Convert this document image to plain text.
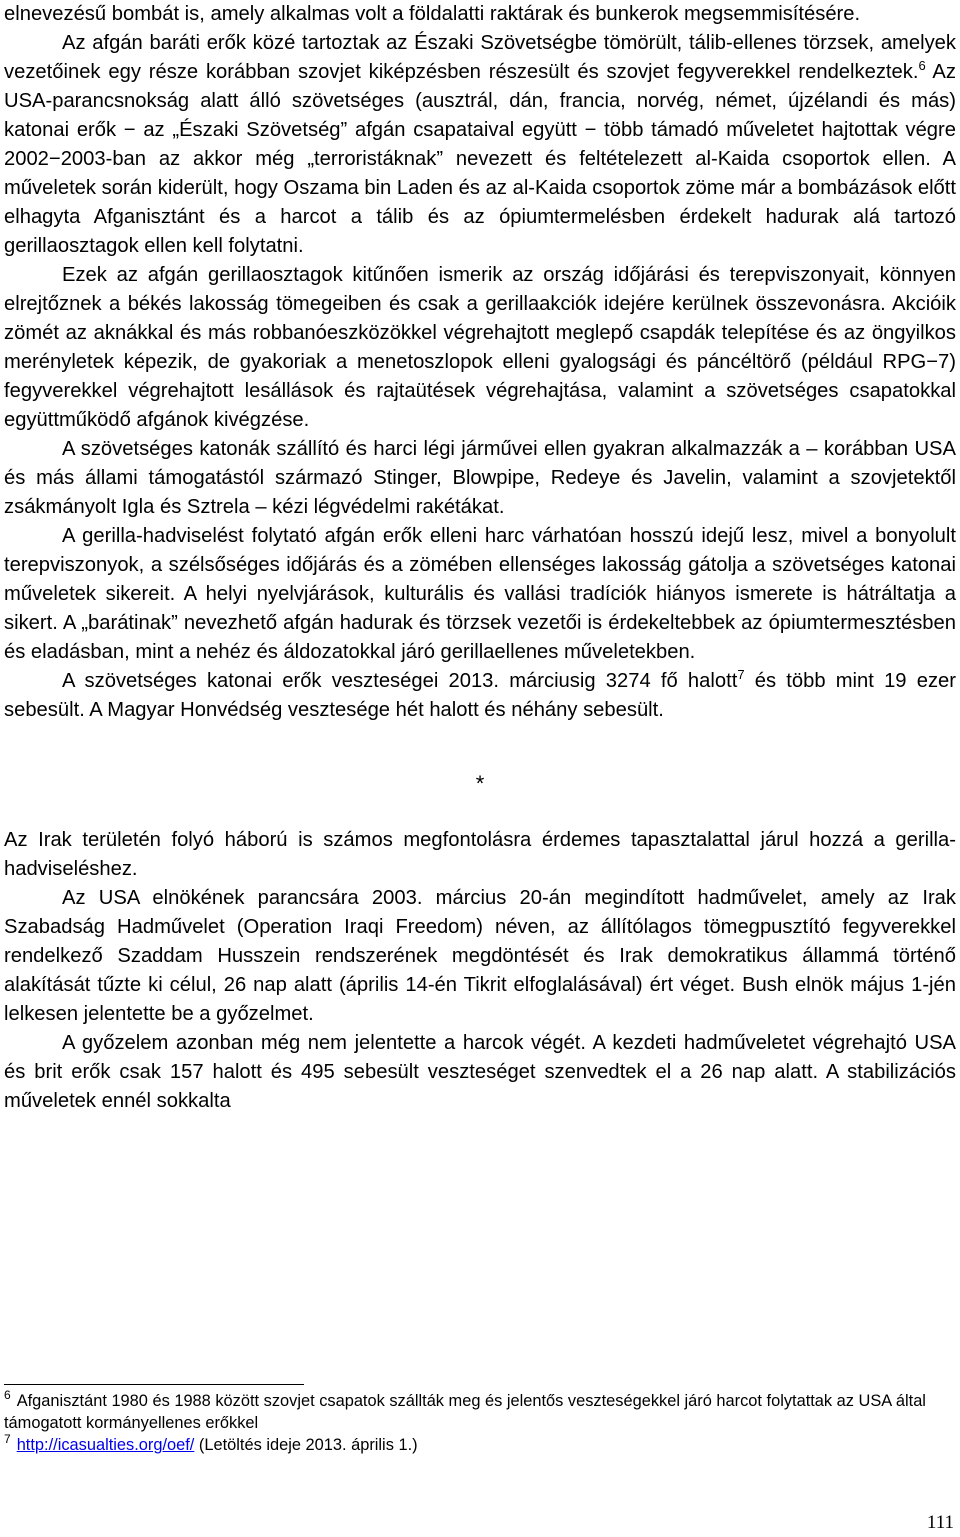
elnevezésű bombát is, amely alkalmas volt a földalatti raktárak és bunkerok megsemmisítésére.

Az afgán baráti erők közé tartoztak az Északi Szövetségbe tömörült, tálib-ellenes törzsek, amelyek vezetőinek egy része korábban szovjet kiképzésben részesült és szovjet fegyverekkel rendelkeztek.$^6$ Az USA-parancsnokság alatt álló szövetséges (ausztrál, dán, francia, norvég, német, újzélandi és más) katonai erők − az „Északi Szövetség” afgán csapataival együtt − több támadó műveletet hajtottak végre 2002−2003-ban az akkor még „terroristáknak” nevezett és feltételezett al-Kaida csoportok ellen. A műveletek során kiderült, hogy Oszama bin Laden és az al-Kaida csoportok zöme már a bombázások előtt elhagyta Afganisztánt és a harcot a tálib és az ópiumtermelésben érdekelt hadurak alá tartozó gerillaosztagok ellen kell folytatni.

Ezek az afgán gerillaosztagok kitűnően ismerik az ország időjárási és terepviszonyait, könnyen elrejtőznek a békés lakosság tömegeiben és csak a gerillaakciók idejére kerülnek összevonásra. Akcióik zömét az aknákkal és más robbanóeszközökkel végrehajtott meglepő csapdák telepítése és az öngyilkos merényletek képezik, de gyakoriak a menetoszlopok elleni gyalogsági és páncéltörő (például RPG−7) fegyverekkel végrehajtott lesállások és rajtaütések végrehajtása, valamint a szövetséges csapatokkal együttműködő afgánok kivégzése.

A szövetséges katonák szállító és harci légi járművei ellen gyakran alkalmazzák a – korábban USA és más állami támogatástól származó Stinger, Blowpipe, Redeye és Javelin, valamint a szovjetektől zsákmányolt Igla és Sztrela – kézi légvédelmi rakétákat.

A gerilla-hadviselést folytató afgán erők elleni harc várhatóan hosszú idejű lesz, mivel a bonyolult terepviszonyok, a szélsőséges időjárás és a zömében ellenséges lakosság gátolja a szövetséges katonai műveletek sikereit. A helyi nyelvjárások, kulturális és vallási tradíciók hiányos ismerete is hátráltatja a sikert. A „barátinak” nevezhető afgán hadurak és törzsek vezetői is érdekeltebbek az ópiumtermesztésben és eladásban, mint a nehéz és áldozatokkal járó gerillaellenes műveletekben.

A szövetséges katonai erők veszteségei 2013. márciusig 3274 fő halott$^7$ és több mint 19 ezer sebesült. A Magyar Honvédség vesztesége hét halott és néhány sebesült.

*

Az Irak területén folyó háború is számos megfontolásra érdemes tapasztalattal járul hozzá a gerilla-hadviseléshez.

Az USA elnökének parancsára 2003. március 20-án megindított hadművelet, amely az Irak Szabadság Hadművelet (Operation Iraqi Freedom) néven, az állítólagos tömegpusztító fegyverekkel rendelkező Szaddam Husszein rendszerének megdöntését és Irak demokratikus állammá történő alakítását tűzte ki célul, 26 nap alatt (április 14-én Tikrit elfoglalásával) ért véget. Bush elnök május 1-jén lelkesen jelentette be a győzelmet.

A győzelem azonban még nem jelentette a harcok végét. A kezdeti hadműveletet végrehajtó USA és brit erők csak 157 halott és 495 sebesült veszteséget szenvedtek el a 26 nap alatt. A stabilizációs műveletek ennél sokkalta

$^6$ Afganisztánt 1980 és 1988 között szovjet csapatok szállták meg és jelentős veszteségekkel járó harcot folytattak az USA által támogatott kormányellenes erőkkel

$^7$ http://icasualties.org/oef/ (Letöltés ideje 2013. április 1.)

111
